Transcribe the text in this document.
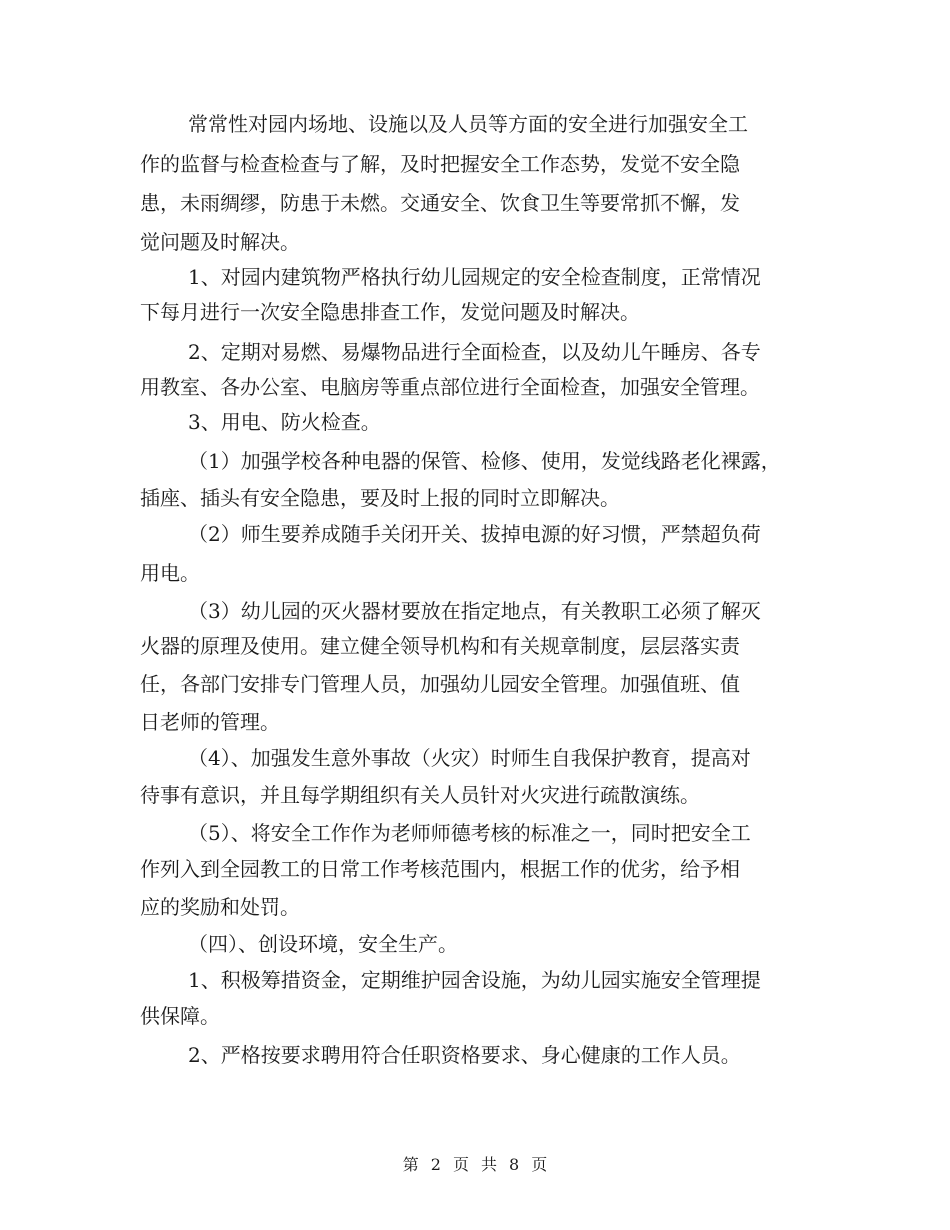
常常性对园内场地、设施以及人员等方面的安全进行加强安全工
作的监督与检查检查与了解，及时把握安全工作态势，发觉不安全隐
患，未雨绸缪，防患于未燃。交通安全、饮食卫生等要常抓不懈，发
觉问题及时解决。
1、对园内建筑物严格执行幼儿园规定的安全检查制度，正常情况
下每月进行一次安全隐患排查工作，发觉问题及时解决。
2、定期对易燃、易爆物品进行全面检查，以及幼儿午睡房、各专
用教室、各办公室、电脑房等重点部位进行全面检查，加强安全管理。
3、用电、防火检查。
（1）加强学校各种电器的保管、检修、使用，发觉线路老化裸露，
插座、插头有安全隐患，要及时上报的同时立即解决。
（2）师生要养成随手关闭开关、拔掉电源的好习惯，严禁超负荷
用电。
（3）幼儿园的灭火器材要放在指定地点，有关教职工必须了解灭
火器的原理及使用。建立健全领导机构和有关规章制度，层层落实责
任，各部门安排专门管理人员，加强幼儿园安全管理。加强值班、值
日老师的管理。
（4）、加强发生意外事故（火灾）时师生自我保护教育，提高对
待事有意识，并且每学期组织有关人员针对火灾进行疏散演练。
（5）、将安全工作作为老师师德考核的标准之一，同时把安全工
作列入到全园教工的日常工作考核范围内，根据工作的优劣，给予相
应的奖励和处罚。
（四）、创设环境，安全生产。
1、积极筹措资金，定期维护园舍设施，为幼儿园实施安全管理提
供保障。
2、严格按要求聘用符合任职资格要求、身心健康的工作人员。
第 2 页 共 8 页
